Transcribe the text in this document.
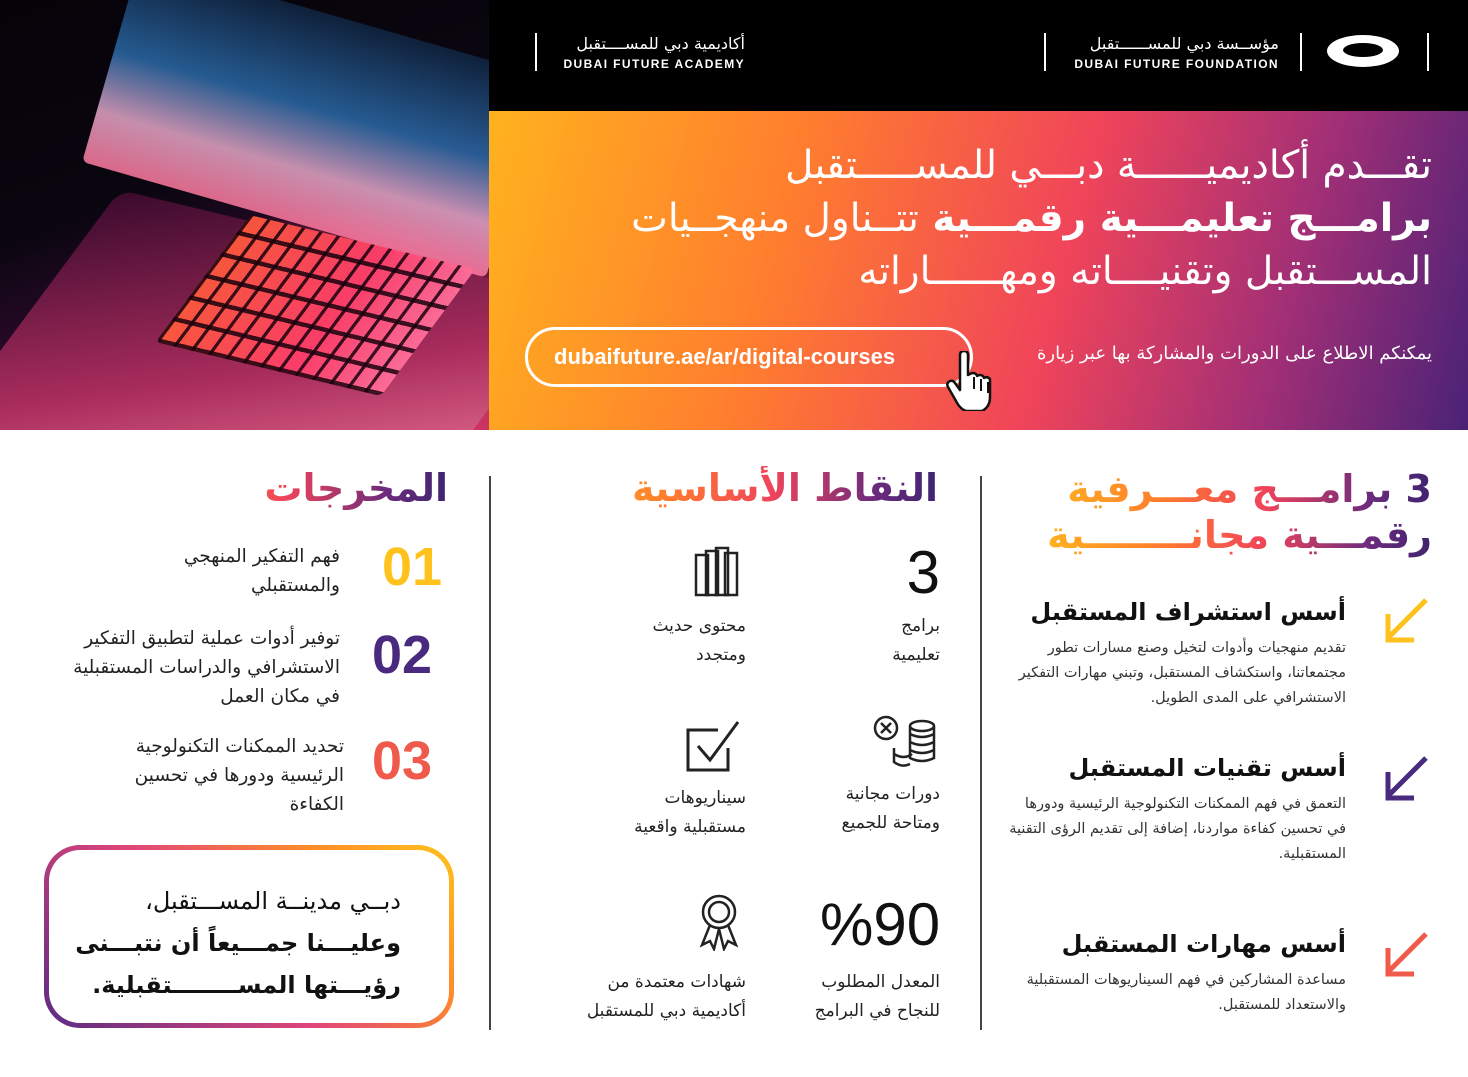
أكاديمية دبي للمســــتقبل
DUBAI FUTURE ACADEMY
مؤســسة دبي للمســــــتقبل
DUBAI FUTURE FOUNDATION
تقـــدم أكاديميــــــة دبـــي للمســـــتقبل
برامـــج تعليمـــية رقمـــية تتــناول منهجــيات
المســـتقبل وتقنيــــاته ومهــــــاراته
dubaifuture.ae/ar/digital-courses	يمكنكم الاطلاع على الدورات والمشاركة بها عبر زيارة
3 برامـــج معـــرفية
رقمـــية مجانــــــــية
أسس استشراف المستقبل

تقديم منهجيات وأدوات لتخيل وصنع مسارات تطور مجتمعاتنا، واستكشاف المستقبل، وتبني مهارات التفكير الاستشرافي على المدى الطويل.

أسس تقنيات المستقبل

التعمق في فهم الممكنات التكنولوجية الرئيسية ودورها في تحسين كفاءة مواردنا، إضافة إلى تقديم الرؤى التقنية المستقبلية.

أسس مهارات المستقبل

مساعدة المشاركين في فهم السيناريوهات المستقبلية والاستعداد للمستقبل.

النقاط الأساسية
3
برامج
تعليمية
محتوى حديث
ومتجدد
دورات مجانية
ومتاحة للجميع
سيناريوهات
مستقبلية واقعية
%90
المعدل المطلوب
للنجاح في البرامج
شهادات معتمدة من
أكاديمية دبي للمستقبل
المخرجات
01
فهم التفكير المنهجي
والمستقبلي
02
توفير أدوات عملية لتطبيق التفكير
الاستشرافي والدراسات المستقبلية
في مكان العمل
03
تحديد الممكنات التكنولوجية
الرئيسية ودورها في تحسين
الكفاءة
دبــي مدينــة المســـتقبل،
وعليـــنا جمـــيعاً أن نتبـــنى
رؤيـــتها المســــــــتقبلية.
